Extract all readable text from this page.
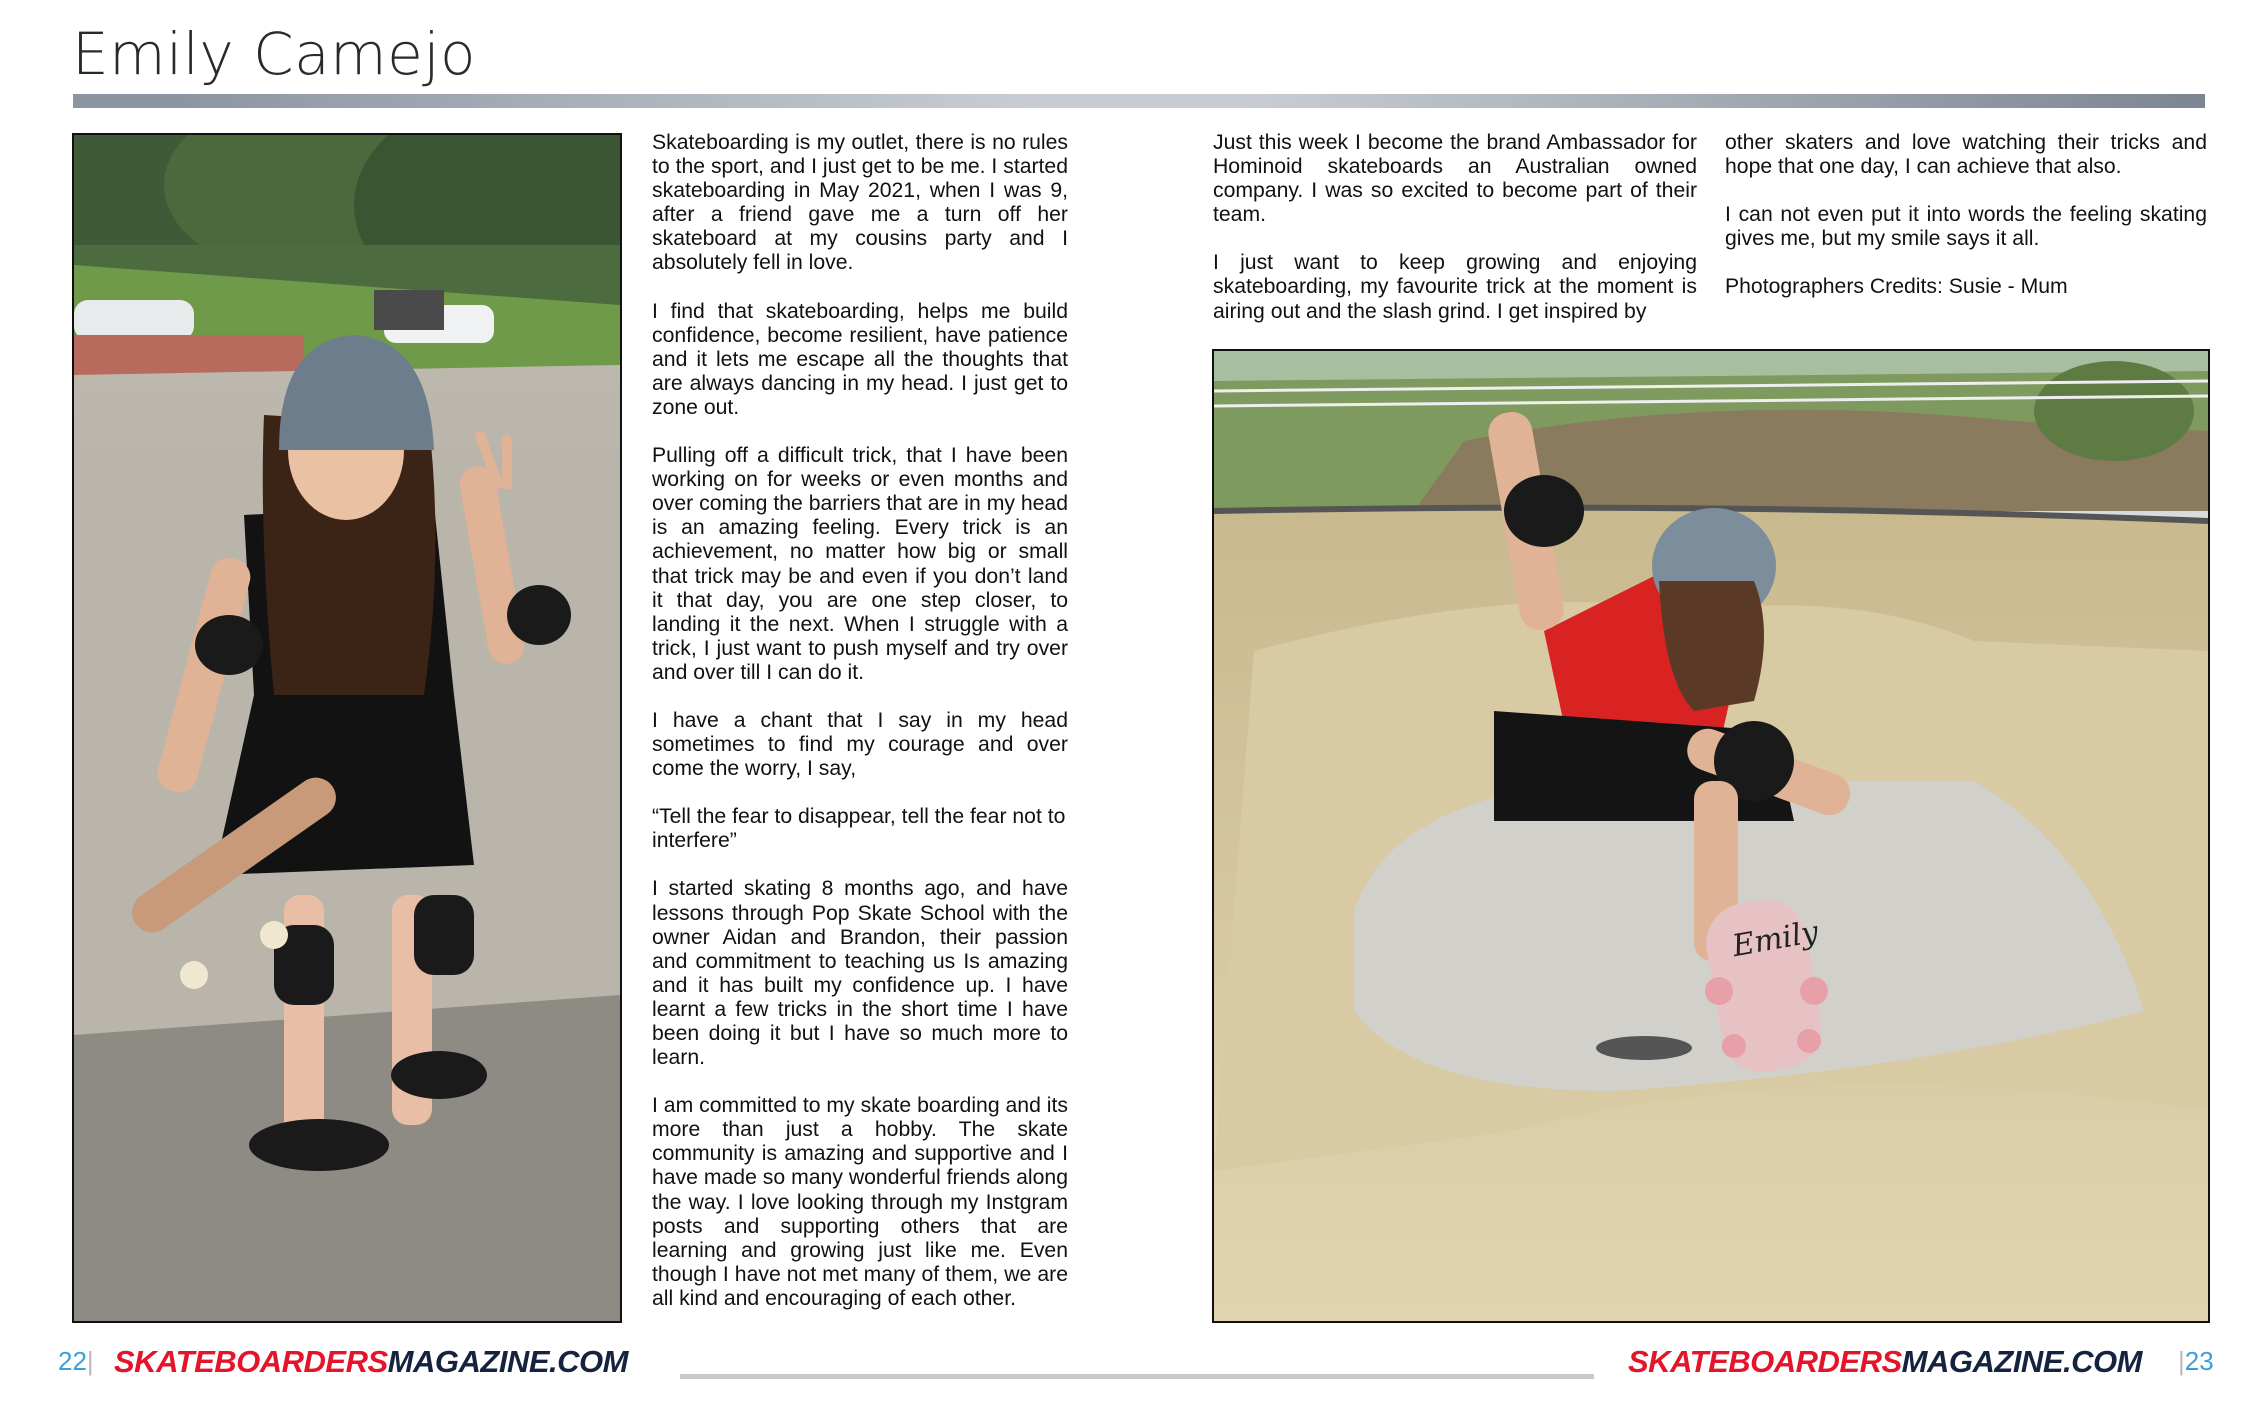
Emily Camejo

Skateboarding is my outlet, there is no rules to the sport, and I just get to be me. I started skateboarding in May 2021, when I was 9, after a friend gave me a turn off her skateboard at my cousins party and I absolutely fell in love.

I find that skateboarding, helps me build confidence, become resilient, have patience and it lets me escape all the thoughts that are always dancing in my head. I just get to zone out.

Pulling off a difficult trick, that I have been working on for weeks or even months and over coming the barriers that are in my head is an amazing feeling. Every trick is an achievement, no matter how big or small that trick may be and even if you don’t land it that day, you are one step closer, to landing it the next. When I struggle with a trick, I just want to push myself and try over and over till I can do it.

I have a chant that I say in my head sometimes to find my courage and over come the worry, I say,

“Tell the fear to disappear, tell the fear not to interfere”

I started skating 8 months ago, and have lessons through Pop Skate School with the owner Aidan and Brandon, their passion and commitment to teaching us Is amazing and it has built my confidence up. I have learnt a few tricks in the short time I have been doing it but I have so much more to learn.

I am committed to my skate boarding and its more than just a hobby. The skate community is amazing and supportive and I have made so many wonderful friends along the way. I love looking through my Instgram posts and supporting others that are learning and growing just like me. Even though I have not met many of them, we are all kind and encouraging of each other.

Just this week I become the brand Ambassador for Hominoid skateboards an Australian owned company. I was so excited to become part of their team.

I just want to keep growing and enjoying skateboarding, my favourite trick at the moment is airing out and the slash grind. I get inspired by

other skaters and love watching their tricks and hope that one day, I can achieve that also.

I can not even put it into words the feeling skating gives me, but my smile says it all.

Photographers Credits: Susie - Mum

Emily
22| SKATEBOARDERSMAGAZINE.COM	SKATEBOARDERSMAGAZINE.COM |23
